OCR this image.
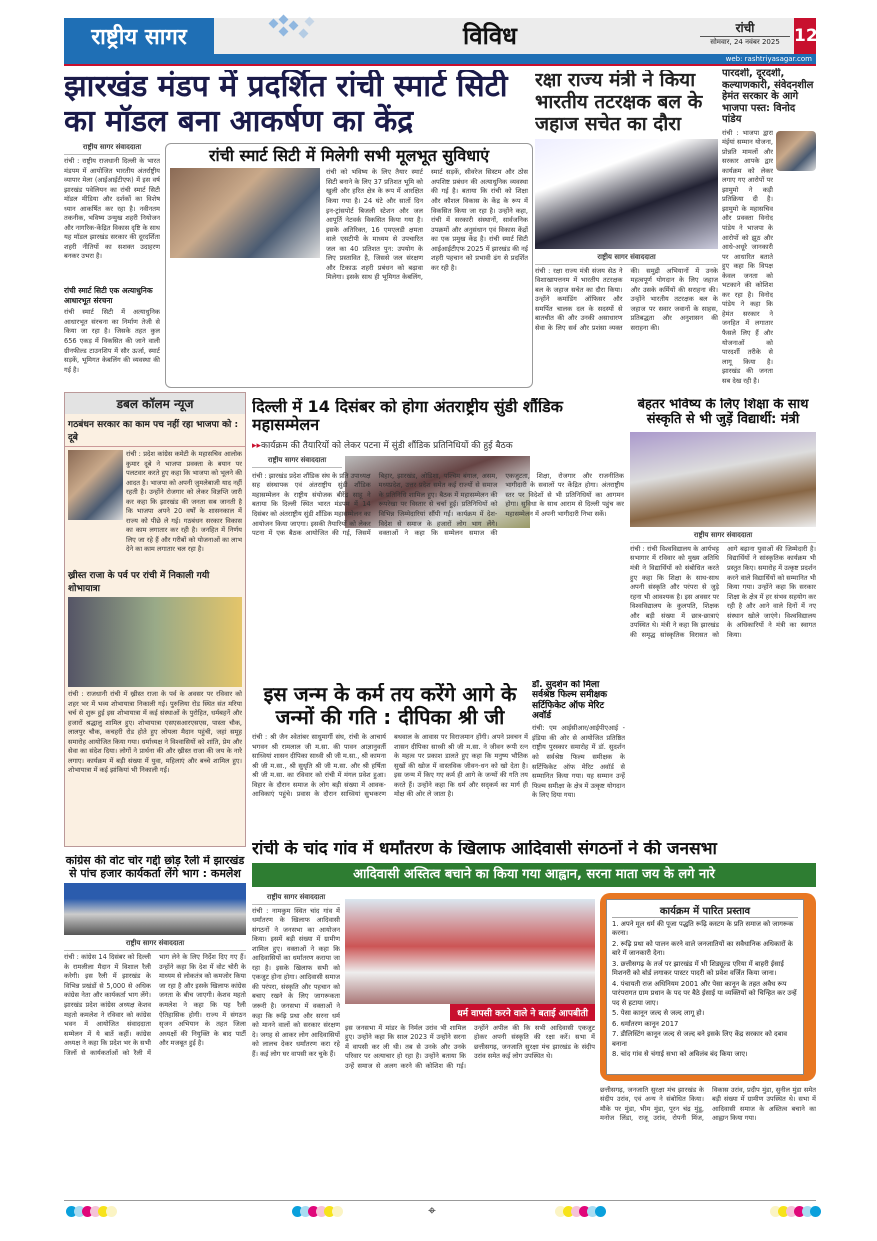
राष्ट्रीय सागर	विविध	रांची
सोमवार, 24 नवंबर 2025 12
web: rashtriyasagar.com
झारखंड मंडप में प्रदर्शित रांची स्मार्ट सिटी का मॉडल बना आकर्षण का केंद्र
राष्ट्रीय सागर संवाददाता
रांची : राष्ट्रीय राजधानी दिल्ली के भारत मंडपम में आयोजित भारतीय अंतर्राष्ट्रीय व्यापार मेला (आईआईटीएफ) में इस वर्ष झारखंड पवेलियन का रांची स्मार्ट सिटी मॉडल मीडिया और दर्शकों का विशेष ध्यान आकर्षित कर रहा है। नवीनतम तकनीक, भविष्य उन्मुख शहरी नियोजन और नागरिक-केंद्रित विकास दृष्टि के साथ यह मॉडल झारखंड सरकार की दूरदर्शिता शहरी नीतियों का सशक्त उदाहरण बनकर उभरा है।
रांची स्मार्ट सिटी एक अत्याधुनिक आधारभूत संरचना
रांची स्मार्ट सिटी में अत्याधुनिक आधारभूत संरचना का निर्माण तेजी से किया जा रहा है। जिसके तहत कुल 656 एकड़ में विकसित की जाने वाली ग्रीनफील्ड टाउनशिप में सौर ऊर्जा, स्मार्ट सड़कें, भूमिगत केबलिंग की व्यवस्था की गई है।
रांची स्मार्ट सिटी में मिलेगी सभी मूलभूत सुविधाएं
रांची को भविष्य के लिए तैयार स्मार्ट सिटी बनाने के लिए 37 प्रतिशत भूमि को खुली और हरित क्षेत्र के रूप में आरक्षित किया गया है। 24 घंटे और सातों दिन इन-ट्रांसपोर्ट बिजली स्टेशन और जल आपूर्ति नेटवर्क विकसित किया गया है। इसके अतिरिक्त, 16 एमएलडी क्षमता वाले एसटीपी के माध्यम से उपचारित जल का 40 प्रतिशत पुन: उपयोग के लिए प्रस्तावित है, जिससे जल संरक्षण और टिकाऊ शहरी प्रबंधन को बढ़ावा मिलेगा। इसके साथ ही भूमिगत केबलिंग, स्मार्ट सड़कें, सीवरेज सिस्टम और ठोस अपशिष्ट प्रबंधन की अत्याधुनिक व्यवस्था की गई है। बताया कि रांची को शिक्षा और कौशल विकास के केंद्र के रूप में विकसित किया जा रहा है। उन्होंने कहा, रांची में सरकारी संस्थानों, सार्वजनिक उपक्रमों और अनुसंधान एवं विकास केंद्रों का एक प्रमुख केंद्र है। रांची स्मार्ट सिटी आईआईटीएफ 2025 में झारखंड की नई शहरी पहचान को प्रभावी ढंग से प्रदर्शित कर रही है।
रक्षा राज्य मंत्री ने किया भारतीय तटरक्षक बल के जहाज सचेत का दौरा
राष्ट्रीय सागर संवाददाता
रांची : रक्षा राज्य मंत्री संजय सेठ ने विशाखापत्तनम में भारतीय तटरक्षक बल के जहाज सचेत का दौरा किया। उन्होंने कमांडिंग ऑफिसर और समर्पित चालक दल के सदस्यों से बातचीत की और उनकी असाधारण सेवा के लिए सर्व और प्रशंसा व्यक्त की। समुद्री अभियानों में उनके महत्वपूर्ण योगदान के लिए जहाज और उसके कर्मियों की सराहना की। उन्होंने भारतीय तटरक्षक बल के जहाज पर सवार जवानों के साहस, प्रतिबद्धता और अनुशासन की सराहना की।
पारदर्शी, दूरदर्शी, कल्याणकारी, संवेदनशील हेमंत सरकार के आगे भाजपा पस्त: विनोद पांडेय
रांची : भाजपा द्वारा मंईयां सम्मान योजना, प्रोन्नति मामलों और सरकार आपके द्वार कार्यक्रम को लेकर लगाए गए आरोपों पर झामुमो ने कड़ी प्रतिक्रिया दी है। झामुमो के महासचिव और प्रवक्ता विनोद पांडेय ने भाजपा के आरोपों को झूठ और आधे-अधूरे जानकारी पर आधारित बताते हुए कहा कि विपक्ष केवल जनता को भटकाने की कोशिश कर रहा है। विनोद पांडेय ने कहा कि हेमंत सरकार ने जनहित में लगातार फैसले लिए हैं और योजनाओं को पारदर्शी तरीके से लागू किया है। झारखंड की जनता सब देख रही है।
डबल कॉलम न्यूज
गठबंधन सरकार का काम पच नहीं रहा भाजपा को : दूबे
रांची : प्रदेश कांग्रेस कमेटी के महासचिव आलोक कुमार दूबे ने भाजपा प्रवक्ता के बयान पर पलटवार करते हुए कहा कि भाजपा को भूलने की आदत है। भाजपा को अपनी जुमलेबाजी याद नहीं रहती है। उन्होंने रोजगार को लेकर विज्ञप्ति जारी कर कहा कि झारखंड की जनता सब जानती है कि भाजपा अपने 20 वर्षों के शासनकाल में राज्य को पीछे ले गई। गठबंधन सरकार विकास का काम लगातार कर रही है। जनहित में निर्णय लिए जा रहे हैं और गरीबों को योजनाओं का लाभ देने का काम लगातार चल रहा है।
ख्रीस्त राजा के पर्व पर रांची में निकाली गयी शोभायात्रा
रांची : राजधानी रांची में ख्रीस्त राजा के पर्व के अवसर पर रविवार को शहर भर में भव्य शोभायात्रा निकाली गई। पुरुलिया रोड स्थित संत मरिया चर्च से शुरू हुई इस शोभायात्रा में कई संस्थाओं के पुरोहित, धर्मबहनें और हजारों श्रद्धालु शामिल हुए। शोभायात्रा एसएसआरएसएस, पास्ता चौक, लालपुर चौक, कचहरी रोड होते हुए लोयला मैदान पहुंची, जहां समूह समारोह आयोजित किया गया। धर्माध्यक्ष ने विश्वासियों को शांति, प्रेम और सेवा का संदेश दिया। लोगों ने प्रार्थना की और ख्रीस्त राजा की जय के नारे लगाए। कार्यक्रम में बड़ी संख्या में युवा, महिलाएं और बच्चे शामिल हुए। शोभायात्रा में कई झांकियां भी निकाली गईं।
कांग्रेस की वोट चोर गद्दी छोड़ रैली में झारखंड से पांच हजार कार्यकर्ता लेंगे भाग : कमलेश
राष्ट्रीय सागर संवाददाता
रांची : कांग्रेस 14 दिसंबर को दिल्ली के रामलीला मैदान में विशाल रैली करेगी। इस रैली में झारखंड के विभिन्न प्रखंडों से 5,000 से अधिक कांग्रेस नेता और कार्यकर्ता भाग लेंगे। झारखंड प्रदेश कांग्रेस अध्यक्ष केशव महतो कमलेश ने रविवार को कांग्रेस भवन में आयोजित संवाददाता सम्मेलन में ये बातें कहीं। कांग्रेस अध्यक्ष ने कहा कि प्रदेश भर के सभी जिलों से कार्यकर्ताओं को रैली में भाग लेने के लिए निर्देश दिए गए हैं। उन्होंने कहा कि देश में वोट चोरी के माध्यम से लोकतंत्र को कमजोर किया जा रहा है और इसके खिलाफ कांग्रेस जनता के बीच जाएगी। केशव महतो कमलेश ने कहा कि यह रैली ऐतिहासिक होगी। राज्य में संगठन सृजन अभियान के तहत जिला अध्यक्षों की नियुक्ति के बाद पार्टी और मजबूत हुई है।
दिल्ली में 14 दिसंबर को होगा अंतराष्ट्रीय सुंडी शौंडिक महासम्मेलन
▸▸कार्यक्रम की तैयारियों को लेकर पटना में सुंडी शौंडिक प्रतिनिधियों की हुई बैठक
राष्ट्रीय सागर संवाददाता
रांची : झारखंड प्रदेश शौंडिक संघ के प्रति उपाध्यक्ष सह संस्थापक एवं अंतराष्ट्रीय सुंडी शौंडिक महासम्मेलन के राष्ट्रीय संयोजक बीरेंद्र साहू ने बताया कि दिल्ली स्थित भारत मंडपम में 14 दिसंबर को अंतराष्ट्रीय सुंडी शौंडिक महासम्मेलन का आयोजन किया जाएगा। इसकी तैयारियों को लेकर पटना में एक बैठक आयोजित की गई, जिसमें बिहार, झारखंड, ओडिशा, पश्चिम बंगाल, असम, मध्यप्रदेश, उत्तर प्रदेश समेत कई राज्यों से समाज के प्रतिनिधि शामिल हुए। बैठक में महासम्मेलन की रूपरेखा पर विस्तार से चर्चा हुई। प्रतिनिधियों को विभिन्न जिम्मेदारियां सौंपी गईं। कार्यक्रम में देश-विदेश से समाज के हजारों लोग भाग लेंगे। वक्ताओं ने कहा कि सम्मेलन समाज की एकजुटता, शिक्षा, रोजगार और राजनीतिक भागीदारी के सवालों पर केंद्रित होगा। अंतराष्ट्रीय स्तर पर विदेशों से भी प्रतिनिधियों का आगमन होगा। सुविधा के साथ आराम से दिल्ली पहुंच कर महासम्मेलन में अपनी भागीदारी निभा सकें।
डॉ. सुदर्शन को मिला सर्वश्रेष्ठ फिल्म समीक्षक सर्टिफिकेट ऑफ मेरिट अवॉर्ड
रांची: एम आईसीआर/आईपीएआई - इंडिया की ओर से आयोजित प्रतिष्ठित राष्ट्रीय पुरस्कार समारोह में डॉ. सुदर्शन को सर्वश्रेष्ठ फिल्म समीक्षक के सर्टिफिकेट ऑफ मेरिट अवॉर्ड से सम्मानित किया गया। यह सम्मान उन्हें फिल्म समीक्षा के क्षेत्र में उत्कृष्ट योगदान के लिए दिया गया।
इस जन्म के कर्म तय करेंगे आगे के जन्मों की गति : दीपिका श्री जी
रांची : श्री जैन श्वेतांबर साधुमार्गी संघ, रांची के आचार्य भगवन श्री रामलाल जी म.सा. की पावन आज्ञानुवर्ती साध्वियां शासन दीपिका साध्वी श्री जी म.सा., श्री कामना श्री जी म.सा., श्री सुधृति श्री जी म.सा. और श्री हर्षिता श्री जी म.सा. का रविवार को रांची में मंगल प्रवेश हुआ। विहार के दौरान समाज के लोग बड़ी संख्या में आवक-आविकाएं पहुंचे। प्रवास के दौरान साध्वियां सुभकरण बथवाल के आवास पर विराजमान होंगी। अपने प्रवचन में शासन दीपिका साध्वी श्री जी म.सा. ने जीवन रूपी रत्न के महत्व पर प्रकाश डालते हुए कहा कि मनुष्य भौतिक सुखों की खोज में वास्तविक जीवन-धन को खो देता है। इस जन्म में किए गए कर्म ही आगे के जन्मों की गति तय करते हैं। उन्होंने कहा कि धर्म और सद्कर्म का मार्ग ही मोक्ष की ओर ले जाता है।
बेहतर भविष्य के लिए शिक्षा के साथ संस्कृति से भी जुड़ें विद्यार्थी: मंत्री
राष्ट्रीय सागर संवाददाता
रांची : रांची विश्वविद्यालय के आर्यभट्ट सभागार में रविवार को मुख्य अतिथि मंत्री ने विद्यार्थियों को संबोधित करते हुए कहा कि शिक्षा के साथ-साथ अपनी संस्कृति और परंपरा से जुड़े रहना भी आवश्यक है। इस अवसर पर विश्वविद्यालय के कुलपति, शिक्षक और बड़ी संख्या में छात्र-छात्राएं उपस्थित थे। मंत्री ने कहा कि झारखंड की समृद्ध सांस्कृतिक विरासत को आगे बढ़ाना युवाओं की जिम्मेदारी है। विद्यार्थियों ने सांस्कृतिक कार्यक्रम भी प्रस्तुत किए। समारोह में उत्कृष्ट प्रदर्शन करने वाले विद्यार्थियों को सम्मानित भी किया गया। उन्होंने कहा कि सरकार शिक्षा के क्षेत्र में हर संभव सहयोग कर रही है और आने वाले दिनों में नए संस्थान खोले जाएंगे। विश्वविद्यालय के अधिकारियों ने मंत्री का स्वागत किया।
रांची के चांद गांव में धर्मांतरण के खिलाफ आदिवासी संगठनों ने की जनसभा
आदिवासी अस्तित्व बचाने का किया गया आह्वान, सरना माता जय के लगे नारे
राष्ट्रीय सागर संवाददाता
रांची : नामकुम स्थित चांद गांव में धर्मांतरण के खिलाफ आदिवासी संगठनों ने जनसभा का आयोजन किया। इसमें बड़ी संख्या में ग्रामीण शामिल हुए। वक्ताओं ने कहा कि आदिवासियों का धर्मांतरण कराया जा रहा है। इसके खिलाफ सभी को एकजुट होना होगा। आदिवासी समाज की परंपरा, संस्कृति और पहचान को बचाए रखने के लिए जागरूकता जरूरी है। जनसभा में वक्ताओं ने कहा कि रूढ़ि प्रथा और सरना धर्म को मानने वालों को सरकार संरक्षण दे। जगह से आकर लोग आदिवासियों को लालच देकर धर्मांतरण करा रहे हैं। कई लोग घर वापसी कर चुके हैं।
धर्म वापसी करने वाले ने बताई आपबीती
इस जनसभा में मांडर के निर्मल उरांव भी शामिल हुए। उन्होंने कहा कि साल 2023 में उन्होंने सरना में वापसी कर ली थी। तब से उनके और उनके परिवार पर अत्याचार हो रहा है। उन्होंने बताया कि उन्हें समाज से अलग करने की कोशिश की गई। उन्होंने अपील की कि सभी आदिवासी एकजुट होकर अपनी संस्कृति की रक्षा करें। सभा में छत्तीसगढ़, जनजाति सुरक्षा मंच झारखंड के संदीप उरांव समेत कई लोग उपस्थित थे।
कार्यक्रम में पारित प्रस्ताव
1. अपने मूल धर्म की पूजा पद्धति रूढ़ि कस्टम के प्रति समाज को जागरूक करना।
2. रूढ़ि प्रथा को पालन करने वाले जनजातियों का सवैधानिक अधिकारों के बारे में जानकारी देना।
3. छत्तीसगढ़ के तर्ज पर झारखंड में भी शिड्यूल्ड एरिया में बाहरी ईसाई मिशनरी को बोर्ड लगाकर पास्टर पादरी को प्रवेश वर्जित किया जाना।
4. पंचायती राज अधिनियम 2001 और पेसा कानून के तहत अवैध रूप पारंपरागत ग्राम प्रधान के पद पर बैठे ईसाई या व्यक्तियों को चिन्हित कर उन्हें पद से हटाया जाए।
5. पेसा कानून जल्द से जल्द लागू हो।
6. धर्मांतरण कानून 2017
7. डीलिस्टिंग कानून जल्द से जल्द बने इसके लिए केंद्र सरकार को दबाव बनाना
8. चांद गांव से चंगाई सभा को अविलंब बंद किया जाए।
छत्तीसगढ़, जनजाति सुरक्षा मंच झारखंड के संदीप उरांव, एवं अन्य ने संबोधित किया। मौके पर मुंडा, भीम मुंडा, पूरन चंद्र मुंडू, मनोज लिंडा, राजू उरांव, रोपनी मिंज, विकास उरांव, प्रदीप मुंडा, सुनील मुंडा समेत बड़ी संख्या में ग्रामीण उपस्थित थे। सभा में आदिवासी समाज के अस्तित्व बचाने का आह्वान किया गया।
⌖
